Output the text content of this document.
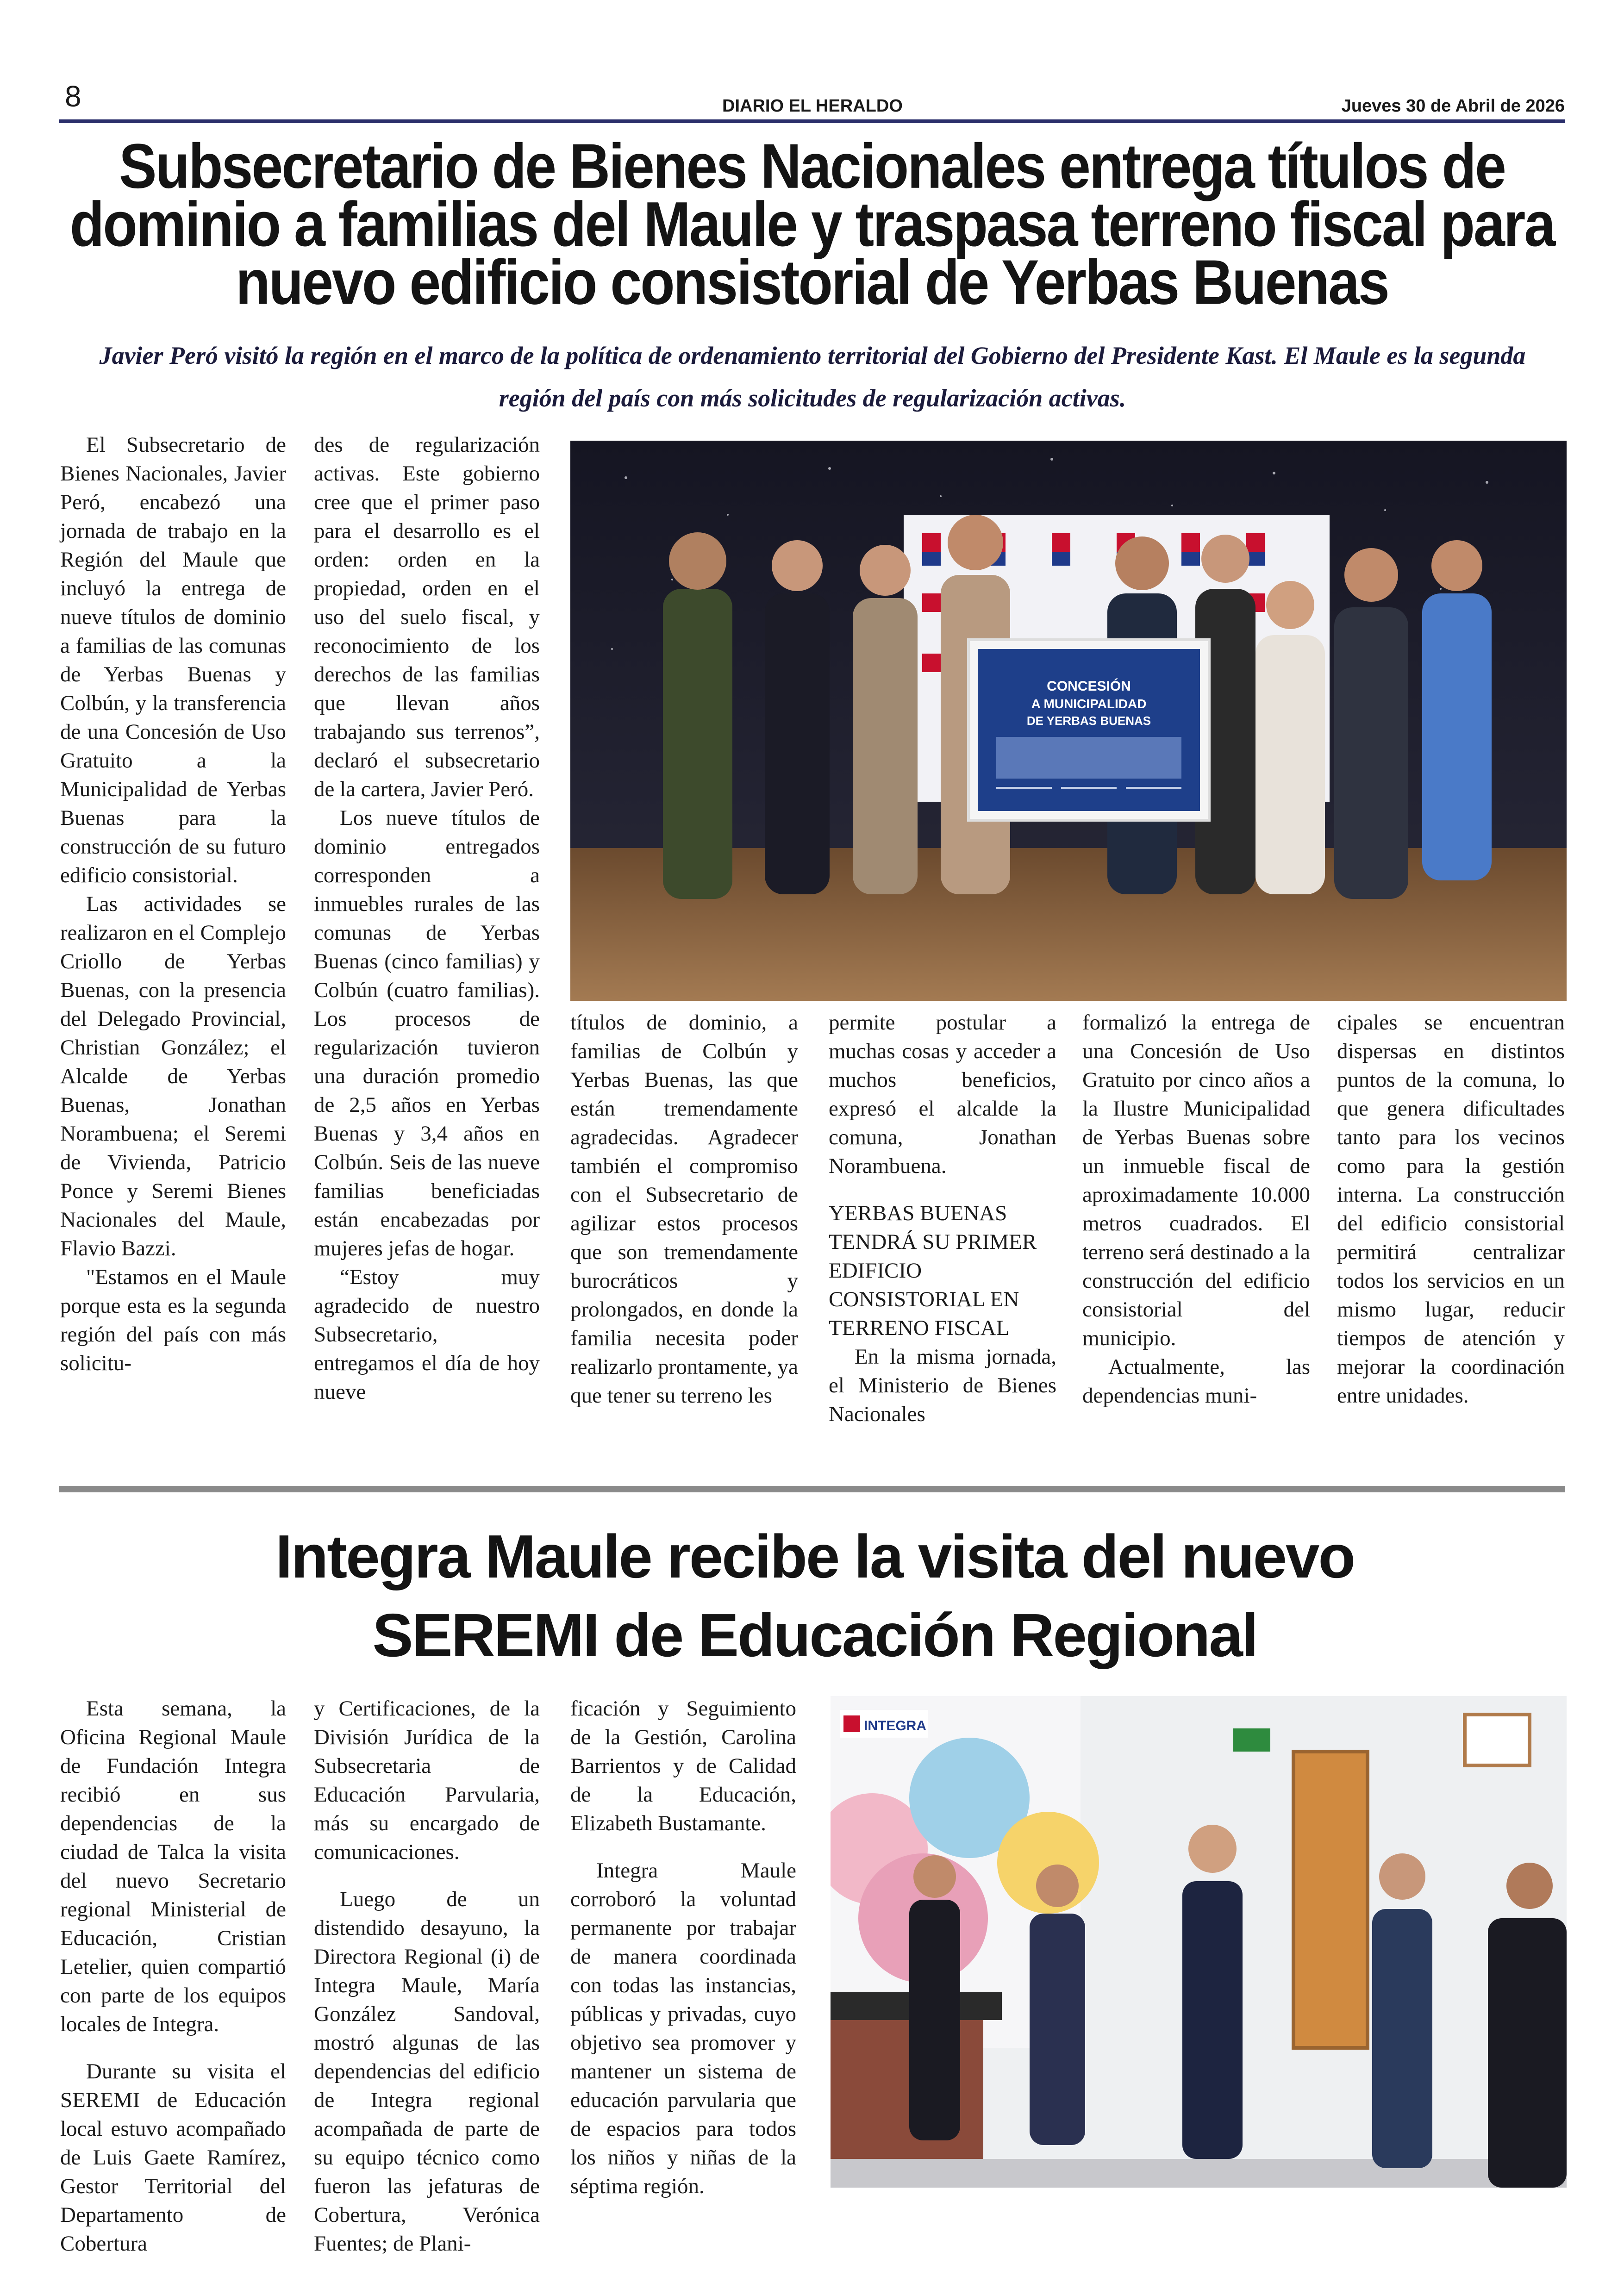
8	DIARIO EL HERALDO	Jueves 30 de Abril de 2026
Subsecretario de Bienes Nacionales entrega títulos de dominio a familias del Maule y traspasa terreno fiscal para nuevo edificio consistorial de Yerbas Buenas
Javier Peró visitó la región en el marco de la política de ordenamiento territorial del Gobierno del Presidente Kast. El Maule es la segunda región del país con más solicitudes de regularización activas.

El Subsecretario de Bienes Nacionales, Javier Peró, encabezó una jornada de trabajo en la Región del Maule que incluyó la entrega de nueve títulos de dominio a familias de las comunas de Yerbas Buenas y Colbún, y la transferencia de una Concesión de Uso Gratuito a la Municipalidad de Yerbas Buenas para la construcción de su futuro edificio consistorial.

Las actividades se realizaron en el Complejo Criollo de Yerbas Buenas, con la presencia del Delegado Provincial, Christian González; el Alcalde de Yerbas Buenas, Jonathan Norambuena; el Seremi de Vivienda, Patricio Ponce y Seremi Bienes Nacionales del Maule, Flavio Bazzi.

"Estamos en el Maule porque esta es la segunda región del país con más solicitu-

des de regularización activas. Este gobierno cree que el primer paso para el desarrollo es el orden: orden en la propiedad, orden en el uso del suelo fiscal, y reconocimiento de los derechos de las familias que llevan años trabajando sus terrenos”, declaró el subsecretario de la cartera, Javier Peró.

Los nueve títulos de dominio entregados corresponden a inmuebles rurales de las comunas de Yerbas Buenas (cinco familias) y Colbún (cuatro familias). Los procesos de regularización tuvieron una duración promedio de 2,5 años en Yerbas Buenas y 3,4 años en Colbún. Seis de las nueve familias beneficiadas están encabezadas por mujeres jefas de hogar.

“Estoy muy agradecido de nuestro Subsecretario, entregamos el día de hoy nueve

CONCESIÓN
A MUNICIPALIDAD
DE YERBAS BUENAS

títulos de dominio, a familias de Colbún y Yerbas Buenas, las que están tremendamente agradecidas. Agradecer también el compromiso con el Subsecretario de agilizar estos procesos que son tremendamente burocráticos y prolongados, en donde la familia necesita poder realizarlo prontamente, ya que tener su terreno les

permite postular a muchas cosas y acceder a muchos beneficios, expresó el alcalde la comuna, Jonathan Norambuena.

YERBAS BUENAS TENDRÁ SU PRIMER EDIFICIO CONSISTORIAL EN TERRENO FISCAL

En la misma jornada, el Ministerio de Bienes Nacionales

formalizó la entrega de una Concesión de Uso Gratuito por cinco años a la Ilustre Municipalidad de Yerbas Buenas sobre un inmueble fiscal de aproximadamente 10.000 metros cuadrados. El terreno será destinado a la construcción del edificio consistorial del municipio.

Actualmente, las dependencias muni-

cipales se encuentran dispersas en distintos puntos de la comuna, lo que genera dificultades tanto para los vecinos como para la gestión interna. La construcción del edificio consistorial permitirá centralizar todos los servicios en un mismo lugar, reducir tiempos de atención y mejorar la coordinación entre unidades.

Integra Maule recibe la visita del nuevo SEREMI de Educación Regional

Esta semana, la Oficina Regional Maule de Fundación Integra recibió en sus dependencias de la ciudad de Talca la visita del nuevo Secretario regional Ministerial de Educación, Cristian Letelier, quien compartió con parte de los equipos locales de Integra.

Durante su visita el SEREMI de Educación local estuvo acompañado de Luis Gaete Ramírez, Gestor Territorial del Departamento de Cobertura

y Certificaciones, de la División Jurídica de la Subsecretaria de Educación Parvularia, más su encargado de comunicaciones.

Luego de un distendido desayuno, la Directora Regional (i) de Integra Maule, María González Sandoval, mostró algunas de las dependencias del edificio de Integra regional acompañada de parte de su equipo técnico como fueron las jefaturas de Cobertura, Verónica Fuentes; de Plani-

ficación y Seguimiento de la Gestión, Carolina Barrientos y de Calidad de la Educación, Elizabeth Bustamante.

Integra Maule corroboró la voluntad permanente por trabajar de manera coordinada con todas las instancias, públicas y privadas, cuyo objetivo sea promover y mantener un sistema de educación parvularia que de espacios para todos los niños y niñas de la séptima región.

INTEGRA
